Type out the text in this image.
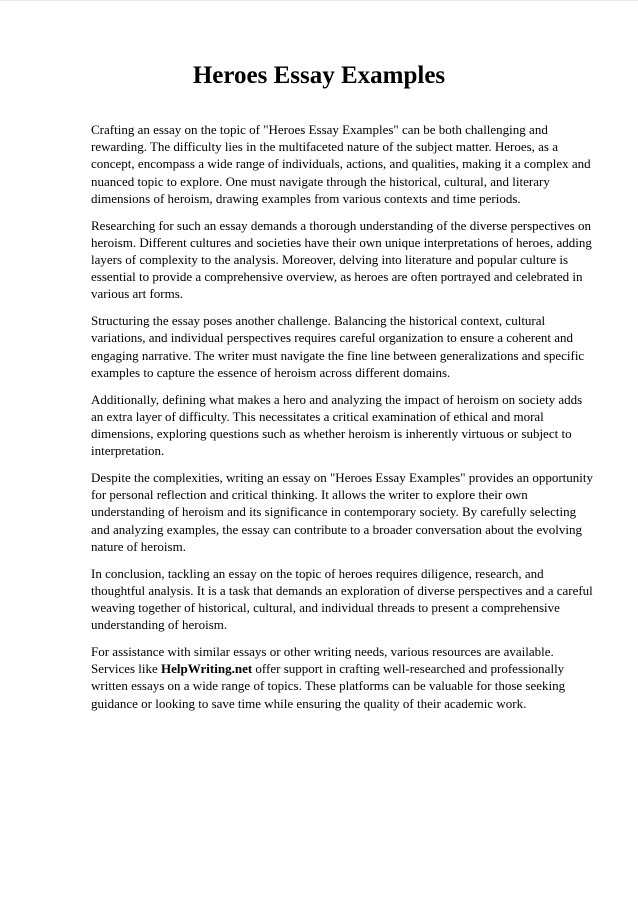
Heroes Essay Examples

Crafting an essay on the topic of "Heroes Essay Examples" can be both challenging and rewarding. The difficulty lies in the multifaceted nature of the subject matter. Heroes, as a concept, encompass a wide range of individuals, actions, and qualities, making it a complex and nuanced topic to explore. One must navigate through the historical, cultural, and literary dimensions of heroism, drawing examples from various contexts and time periods.

Researching for such an essay demands a thorough understanding of the diverse perspectives on heroism. Different cultures and societies have their own unique interpretations of heroes, adding layers of complexity to the analysis. Moreover, delving into literature and popular culture is essential to provide a comprehensive overview, as heroes are often portrayed and celebrated in various art forms.

Structuring the essay poses another challenge. Balancing the historical context, cultural variations, and individual perspectives requires careful organization to ensure a coherent and engaging narrative. The writer must navigate the fine line between generalizations and specific examples to capture the essence of heroism across different domains.

Additionally, defining what makes a hero and analyzing the impact of heroism on society adds an extra layer of difficulty. This necessitates a critical examination of ethical and moral dimensions, exploring questions such as whether heroism is inherently virtuous or subject to interpretation.

Despite the complexities, writing an essay on "Heroes Essay Examples" provides an opportunity for personal reflection and critical thinking. It allows the writer to explore their own understanding of heroism and its significance in contemporary society. By carefully selecting and analyzing examples, the essay can contribute to a broader conversation about the evolving nature of heroism.

In conclusion, tackling an essay on the topic of heroes requires diligence, research, and thoughtful analysis. It is a task that demands an exploration of diverse perspectives and a careful weaving together of historical, cultural, and individual threads to present a comprehensive understanding of heroism.

For assistance with similar essays or other writing needs, various resources are available. Services like HelpWriting.net offer support in crafting well-researched and professionally written essays on a wide range of topics. These platforms can be valuable for those seeking guidance or looking to save time while ensuring the quality of their academic work.
